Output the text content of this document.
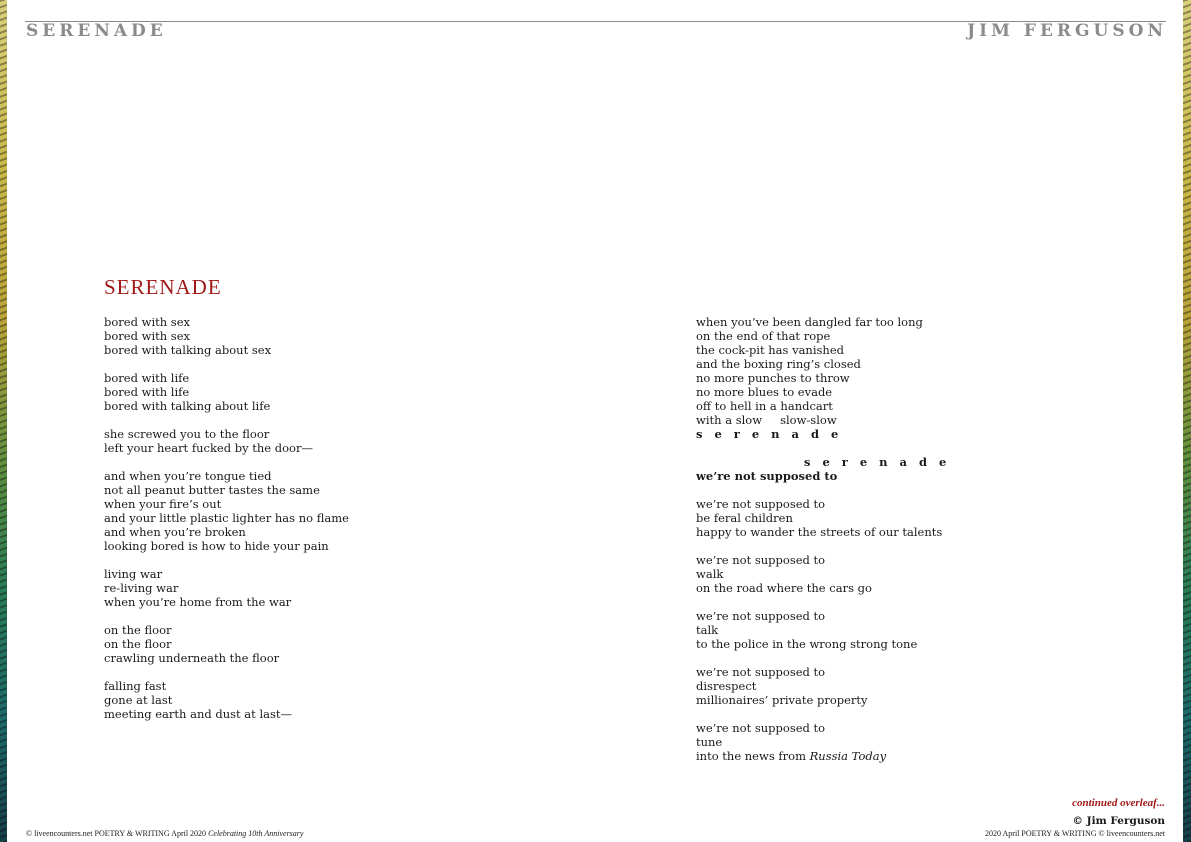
SERENADE	JIM FERGUSON
SERENADE
bored with sex
bored with sex
bored with talking about sex
bored with life
bored with life
bored with talking about life
she screwed you to the floor
left your heart fucked by the door—
and when you’re tongue tied
not all peanut butter tastes the same
when your fire’s out
and your little plastic lighter has no flame
and when you’re broken
looking bored is how to hide your pain
living war
re-living war
when you’re home from the war
on the floor
on the floor
crawling underneath the floor
falling fast
gone at last
meeting earth and dust at last—
when you’ve been dangled far too long
on the end of that rope
the cock-pit has vanished
and the boxing ring’s closed
no more punches to throw
no more blues to evade
off to hell in a handcart
with a slow slow-slow
s e r e n a d e
s e r e n a d e
we’re not supposed to
we’re not supposed to
be feral children
happy to wander the streets of our talents
we’re not supposed to
walk
on the road where the cars go
we’re not supposed to
talk
to the police in the wrong strong tone
we’re not supposed to
disrespect
millionaires’ private property
we’re not supposed to
tune
into the news from Russia Today
continued overleaf...
© Jim Ferguson
© liveencounters.net POETRY & WRITING April 2020 Celebrating 10th Anniversary	2020 April POETRY & WRITING © liveencounters.net
